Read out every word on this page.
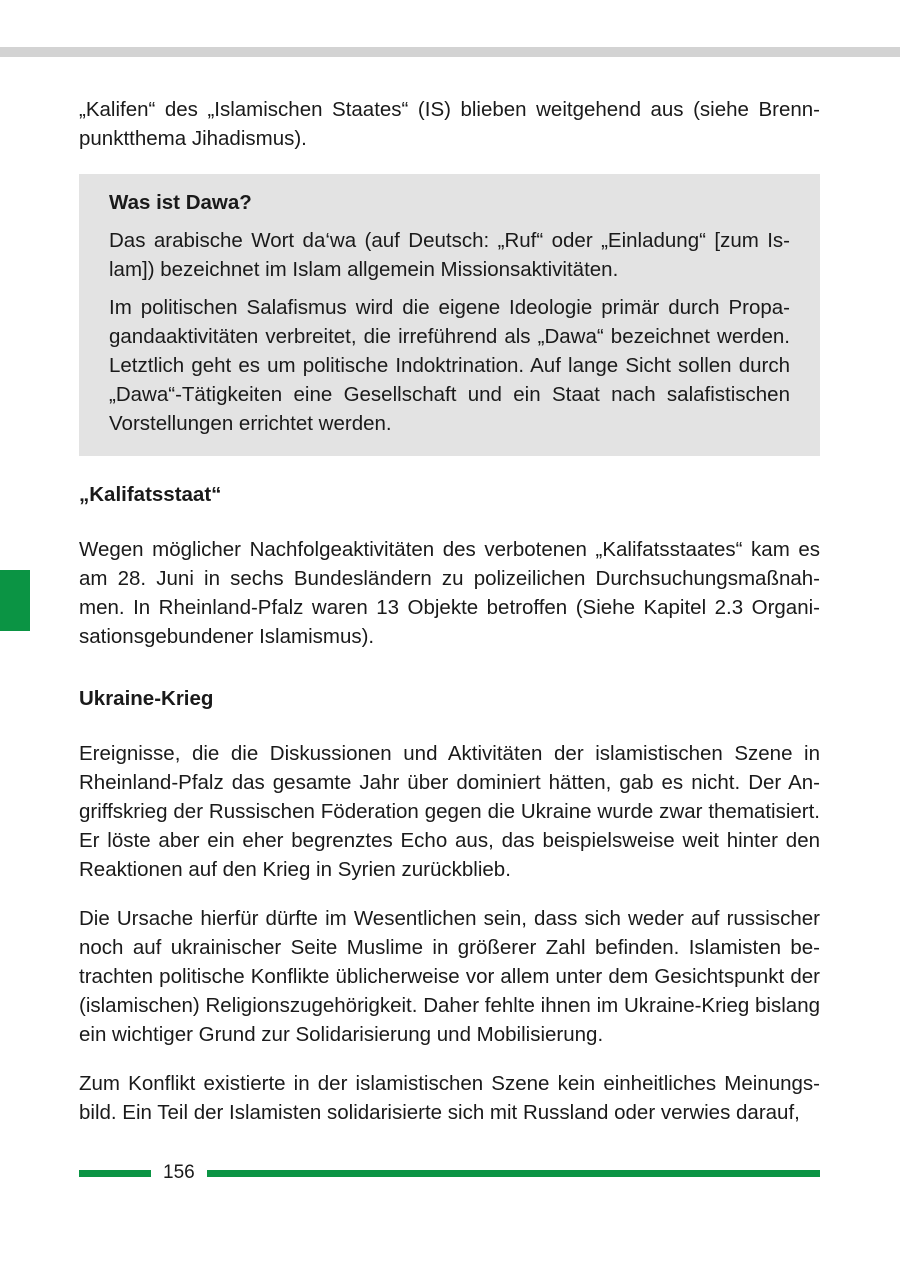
„Kalifen“ des „Islamischen Staates“ (IS) blieben weitgehend aus (siehe Brennpunktthema Jihadismus).

Was ist Dawa?

Das arabische Wort da‘wa (auf Deutsch: „Ruf“ oder „Einladung“ [zum Islam]) bezeichnet im Islam allgemein Missionsaktivitäten.

Im politischen Salafismus wird die eigene Ideologie primär durch Propagandaaktivitäten verbreitet, die irreführend als „Dawa“ bezeichnet werden. Letztlich geht es um politische Indoktrination. Auf lange Sicht sollen durch „Dawa“-Tätigkeiten eine Gesellschaft und ein Staat nach salafistischen Vorstellungen errichtet werden.

„Kalifatsstaat“

Wegen möglicher Nachfolgeaktivitäten des verbotenen „Kalifatsstaates“ kam es am 28. Juni in sechs Bundesländern zu polizeilichen Durchsuchungsmaßnahmen. In Rheinland-Pfalz waren 13 Objekte betroffen (Siehe Kapitel 2.3 Organisationsgebundener Islamismus).

Ukraine-Krieg

Ereignisse, die die Diskussionen und Aktivitäten der islamistischen Szene in Rheinland-Pfalz das gesamte Jahr über dominiert hätten, gab es nicht. Der Angriffskrieg der Russischen Föderation gegen die Ukraine wurde zwar thematisiert. Er löste aber ein eher begrenztes Echo aus, das beispielsweise weit hinter den Reaktionen auf den Krieg in Syrien zurückblieb.

Die Ursache hierfür dürfte im Wesentlichen sein, dass sich weder auf russischer noch auf ukrainischer Seite Muslime in größerer Zahl befinden. Islamisten betrachten politische Konflikte üblicherweise vor allem unter dem Gesichtspunkt der (islamischen) Religionszugehörigkeit. Daher fehlte ihnen im Ukraine-Krieg bislang ein wichtiger Grund zur Solidarisierung und Mobilisierung.

Zum Konflikt existierte in der islamistischen Szene kein einheitliches Meinungsbild. Ein Teil der Islamisten solidarisierte sich mit Russland oder verwies darauf,

156
